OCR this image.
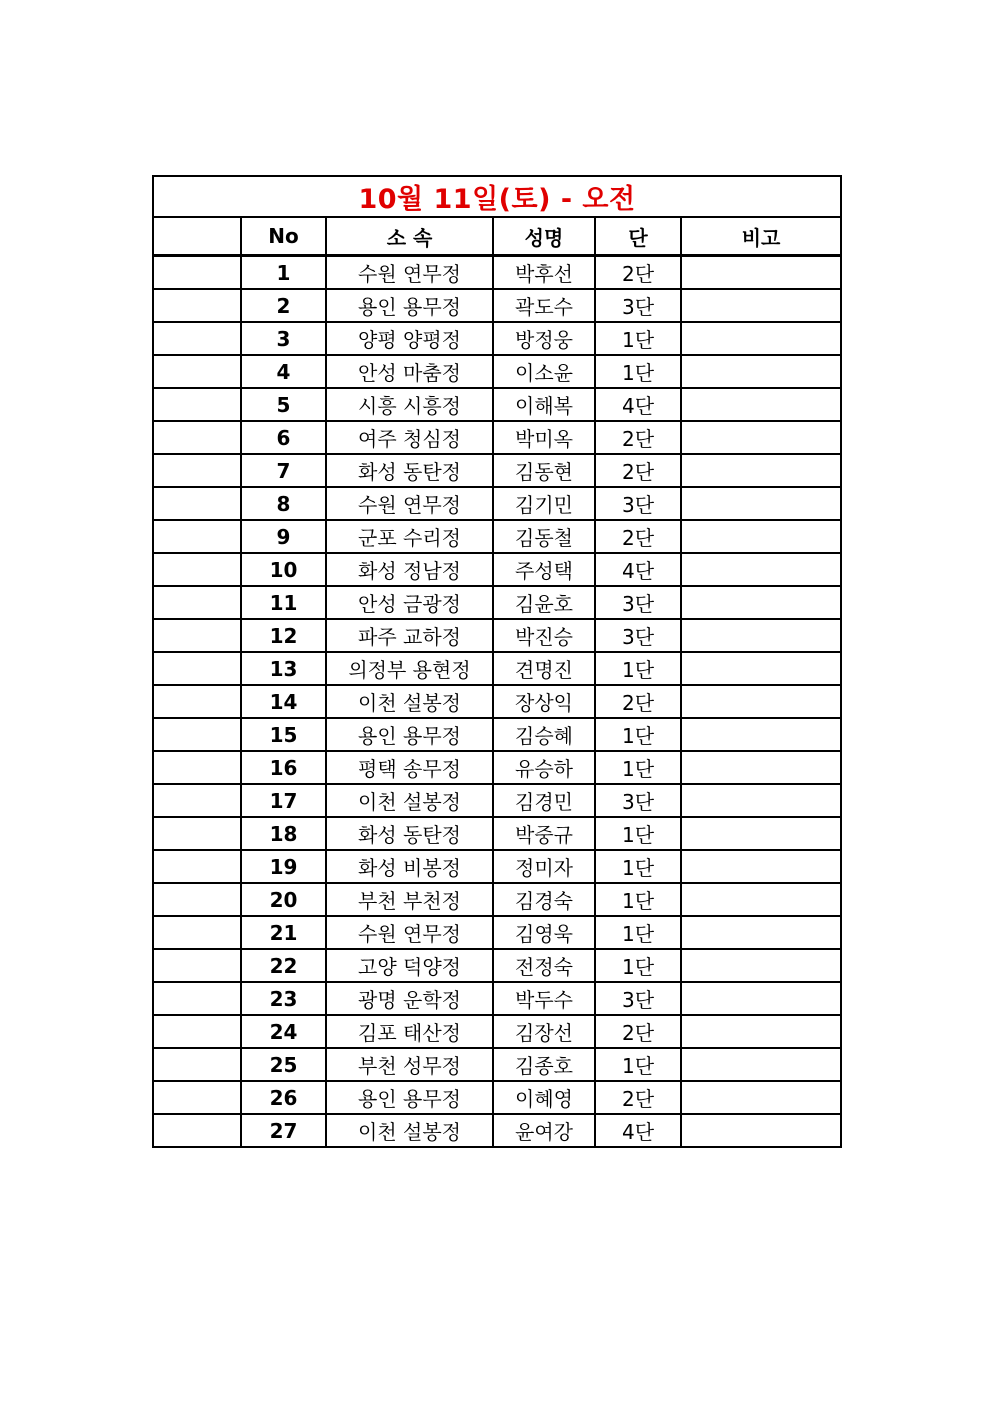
10월 11일(토) - 오전					
	No	소 속	성명	단	비고
	1	수원 연무정	박후선	2단	
	2	용인 용무정	곽도수	3단	
	3	양평 양평정	방정웅	1단	
	4	안성 마춤정	이소윤	1단	
	5	시흥 시흥정	이해복	4단	
	6	여주 청심정	박미옥	2단	
	7	화성 동탄정	김동현	2단	
	8	수원 연무정	김기민	3단	
	9	군포 수리정	김동철	2단	
	10	화성 정남정	주성택	4단	
	11	안성 금광정	김윤호	3단	
	12	파주 교하정	박진승	3단	
	13	의정부 용현정	견명진	1단	
	14	이천 설봉정	장상익	2단	
	15	용인 용무정	김승혜	1단	
	16	평택 송무정	유승하	1단	
	17	이천 설봉정	김경민	3단	
	18	화성 동탄정	박중규	1단	
	19	화성 비봉정	정미자	1단	
	20	부천 부천정	김경숙	1단	
	21	수원 연무정	김영욱	1단	
	22	고양 덕양정	전정숙	1단	
	23	광명 운학정	박두수	3단	
	24	김포 태산정	김장선	2단	
	25	부천 성무정	김종호	1단	
	26	용인 용무정	이혜영	2단	
	27	이천 설봉정	윤여강	4단	
